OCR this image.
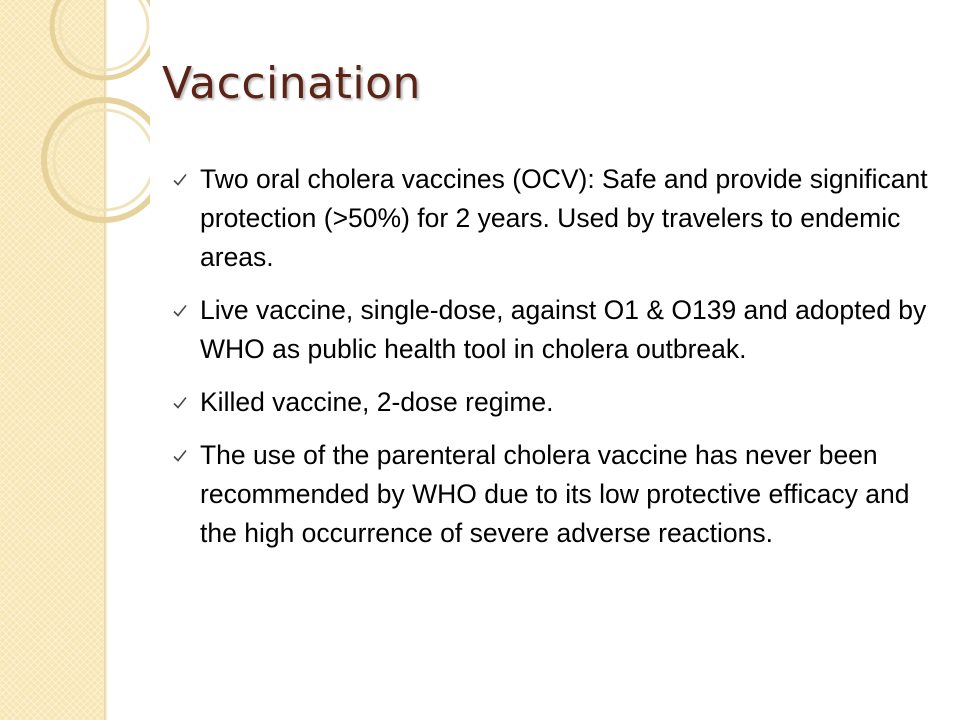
Vaccination
Two oral cholera vaccines (OCV): Safe and provide significant protection (>50%) for 2 years. Used by travelers to endemic areas.
Live vaccine, single-dose, against O1 & O139 and adopted by WHO as public health tool in cholera outbreak.
Killed vaccine, 2-dose regime.
The use of the parenteral cholera vaccine has never been recommended by WHO due to its low protective efficacy and the high occurrence of severe adverse reactions.
